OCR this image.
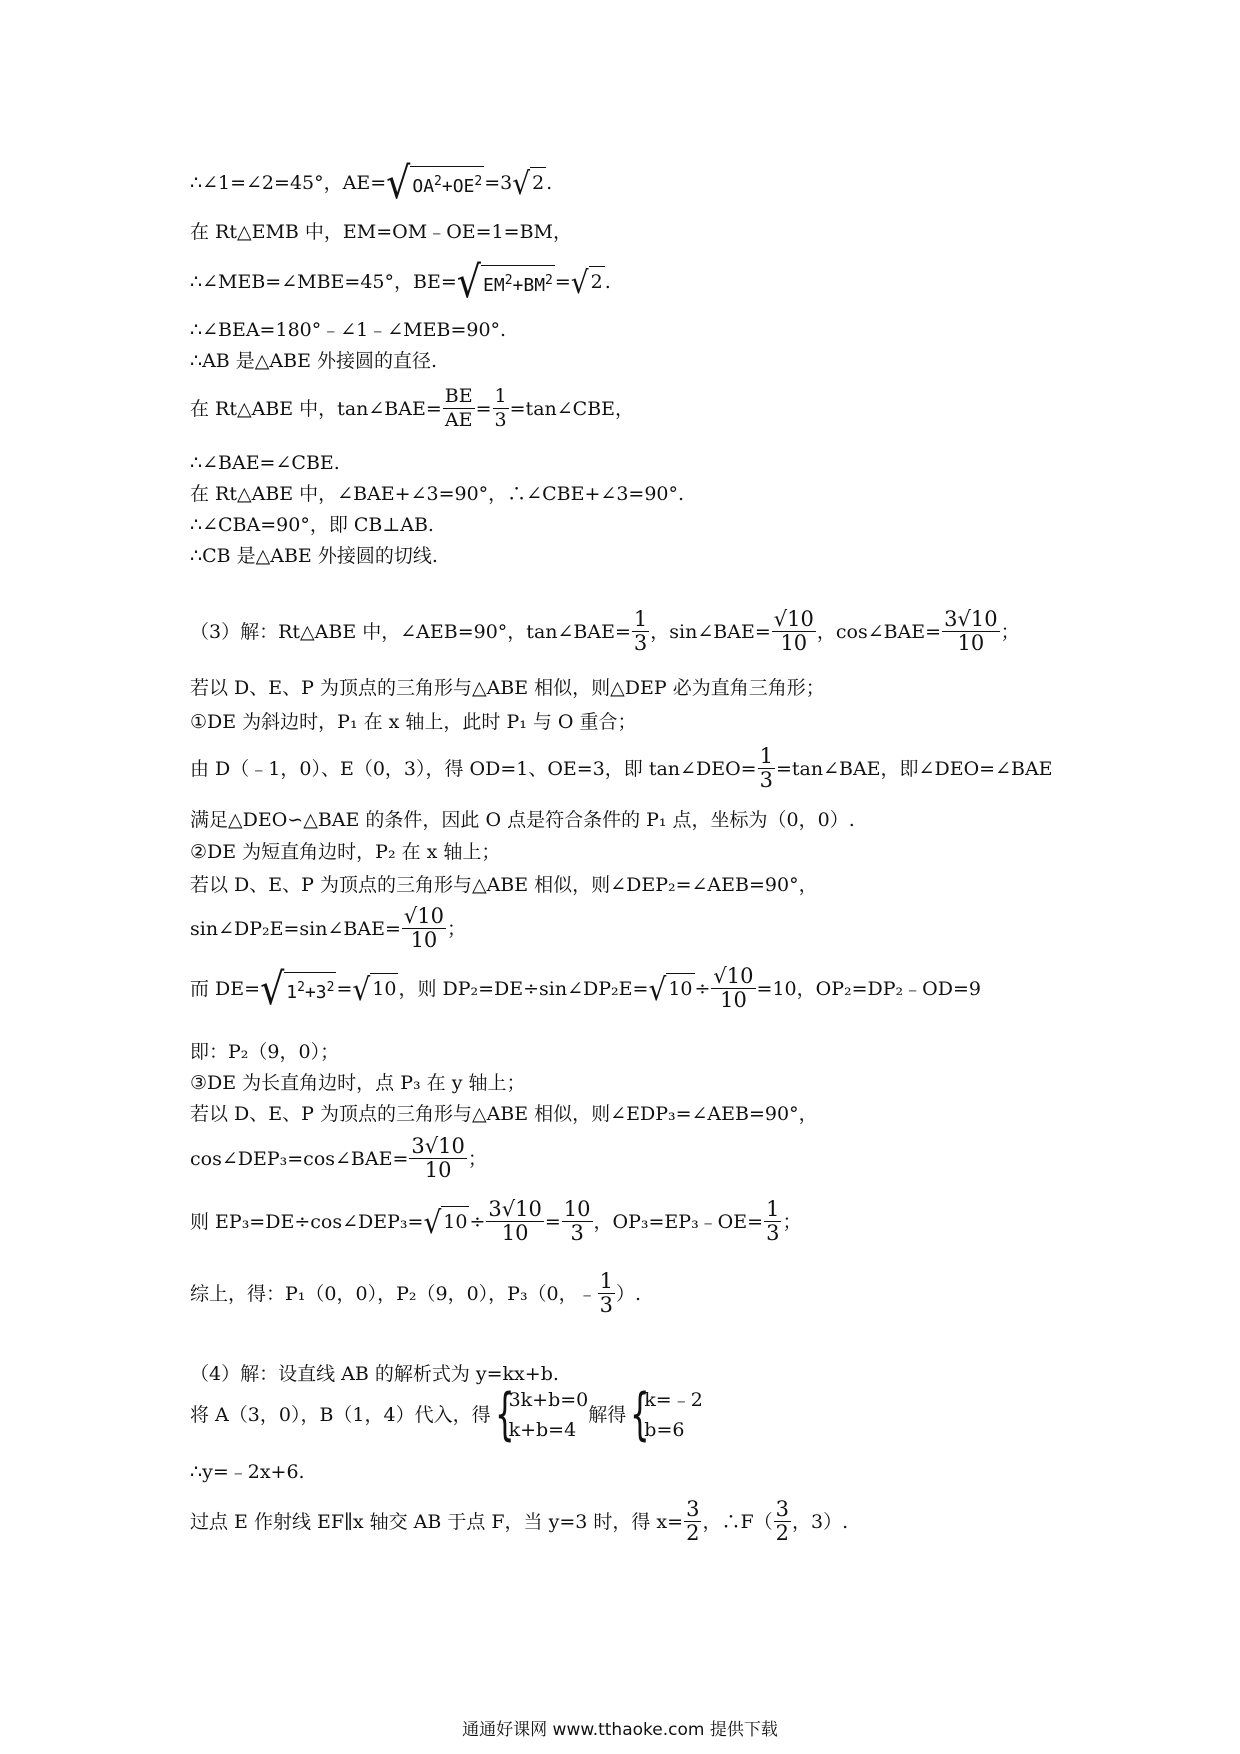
∴∠1=∠2=45°，AE= √ $OA^2+OE^2 =3$ √ 2 .
在 Rt△EMB 中，EM=OM﹣OE=1=BM，
∴∠MEB=∠MBE=45°，BE= √ $EM^2+BM^2$ = √ 2 .
∴∠BEA=180°﹣∠1﹣∠MEB=90°.
∴AB 是△ABE 外接圆的直径.
在 Rt△ABE 中，tan∠BAE= $\frac{BE}{AE} = \frac{1}{3}$ =tan∠CBE，
∴∠BAE=∠CBE.
在 Rt△ABE 中，∠BAE+∠3=90°，∴∠CBE+∠3=90°.
∴∠CBA=90°，即 CB⊥AB.
∴CB 是△ABE 外接圆的切线.
（3）解：Rt△ABE 中，∠AEB=90°，tan∠BAE= $\frac{1}{3}$ ，sin∠BAE= $\frac{√10}{10}$ ，cos∠BAE= $\frac{3√10}{10}$ ；
若以 D、E、P 为顶点的三角形与△ABE 相似，则△DEP 必为直角三角形；
①DE 为斜边时，P₁ 在 x 轴上，此时 P₁ 与 O 重合；
由 D（﹣1，0）、E（0，3），得 OD=1、OE=3，即 tan∠DEO= $\frac{1}{3}$ =tan∠BAE，即∠DEO=∠BAE
满足△DEO∽△BAE 的条件，因此 O 点是符合条件的 P₁ 点，坐标为（0，0）.
②DE 为短直角边时，P₂ 在 x 轴上；
若以 D、E、P 为顶点的三角形与△ABE 相似，则∠DEP₂=∠AEB=90°，
sin∠DP₂E=sin∠BAE= $\frac{√10}{10}$ ；
而 DE= √ $1^2+3^2$ = √ 10 ，则 DP₂=DE÷sin∠DP₂E= √ $10 \div \frac{√10}{10} =10$，OP₂=DP₂﹣OD=9
即：P₂（9，0）；
③DE 为长直角边时，点 P₃ 在 y 轴上；
若以 D、E、P 为顶点的三角形与△ABE 相似，则∠EDP₃=∠AEB=90°，
cos∠DEP₃=cos∠BAE= $\frac{3√10}{10}$ ；
则 EP₃=DE÷cos∠DEP₃= √ $10 \div \frac{3√10}{10} = \frac{10}{3}$ ，OP₃=EP₃﹣OE= $\frac{1}{3}$ ；
综上，得：P₁（0，0），P₂（9，0），P₃（0，﹣ $\frac{1}{3}$ ）.
（4）解：设直线 AB 的解析式为 y=kx+b.
将 A（3，0），B（1，4）代入，得 {
3k+b=0
k+b=4
解得 {
k=﹣2
b=6
∴y=﹣2x+6.
过点 E 作射线 EF∥x 轴交 AB 于点 F，当 y=3 时，得 $x= \frac{3}{2}$ ，∴F（ $\frac{3}{2}$ ，3）.
通通好课网 www.tthaoke.com 提供下载
